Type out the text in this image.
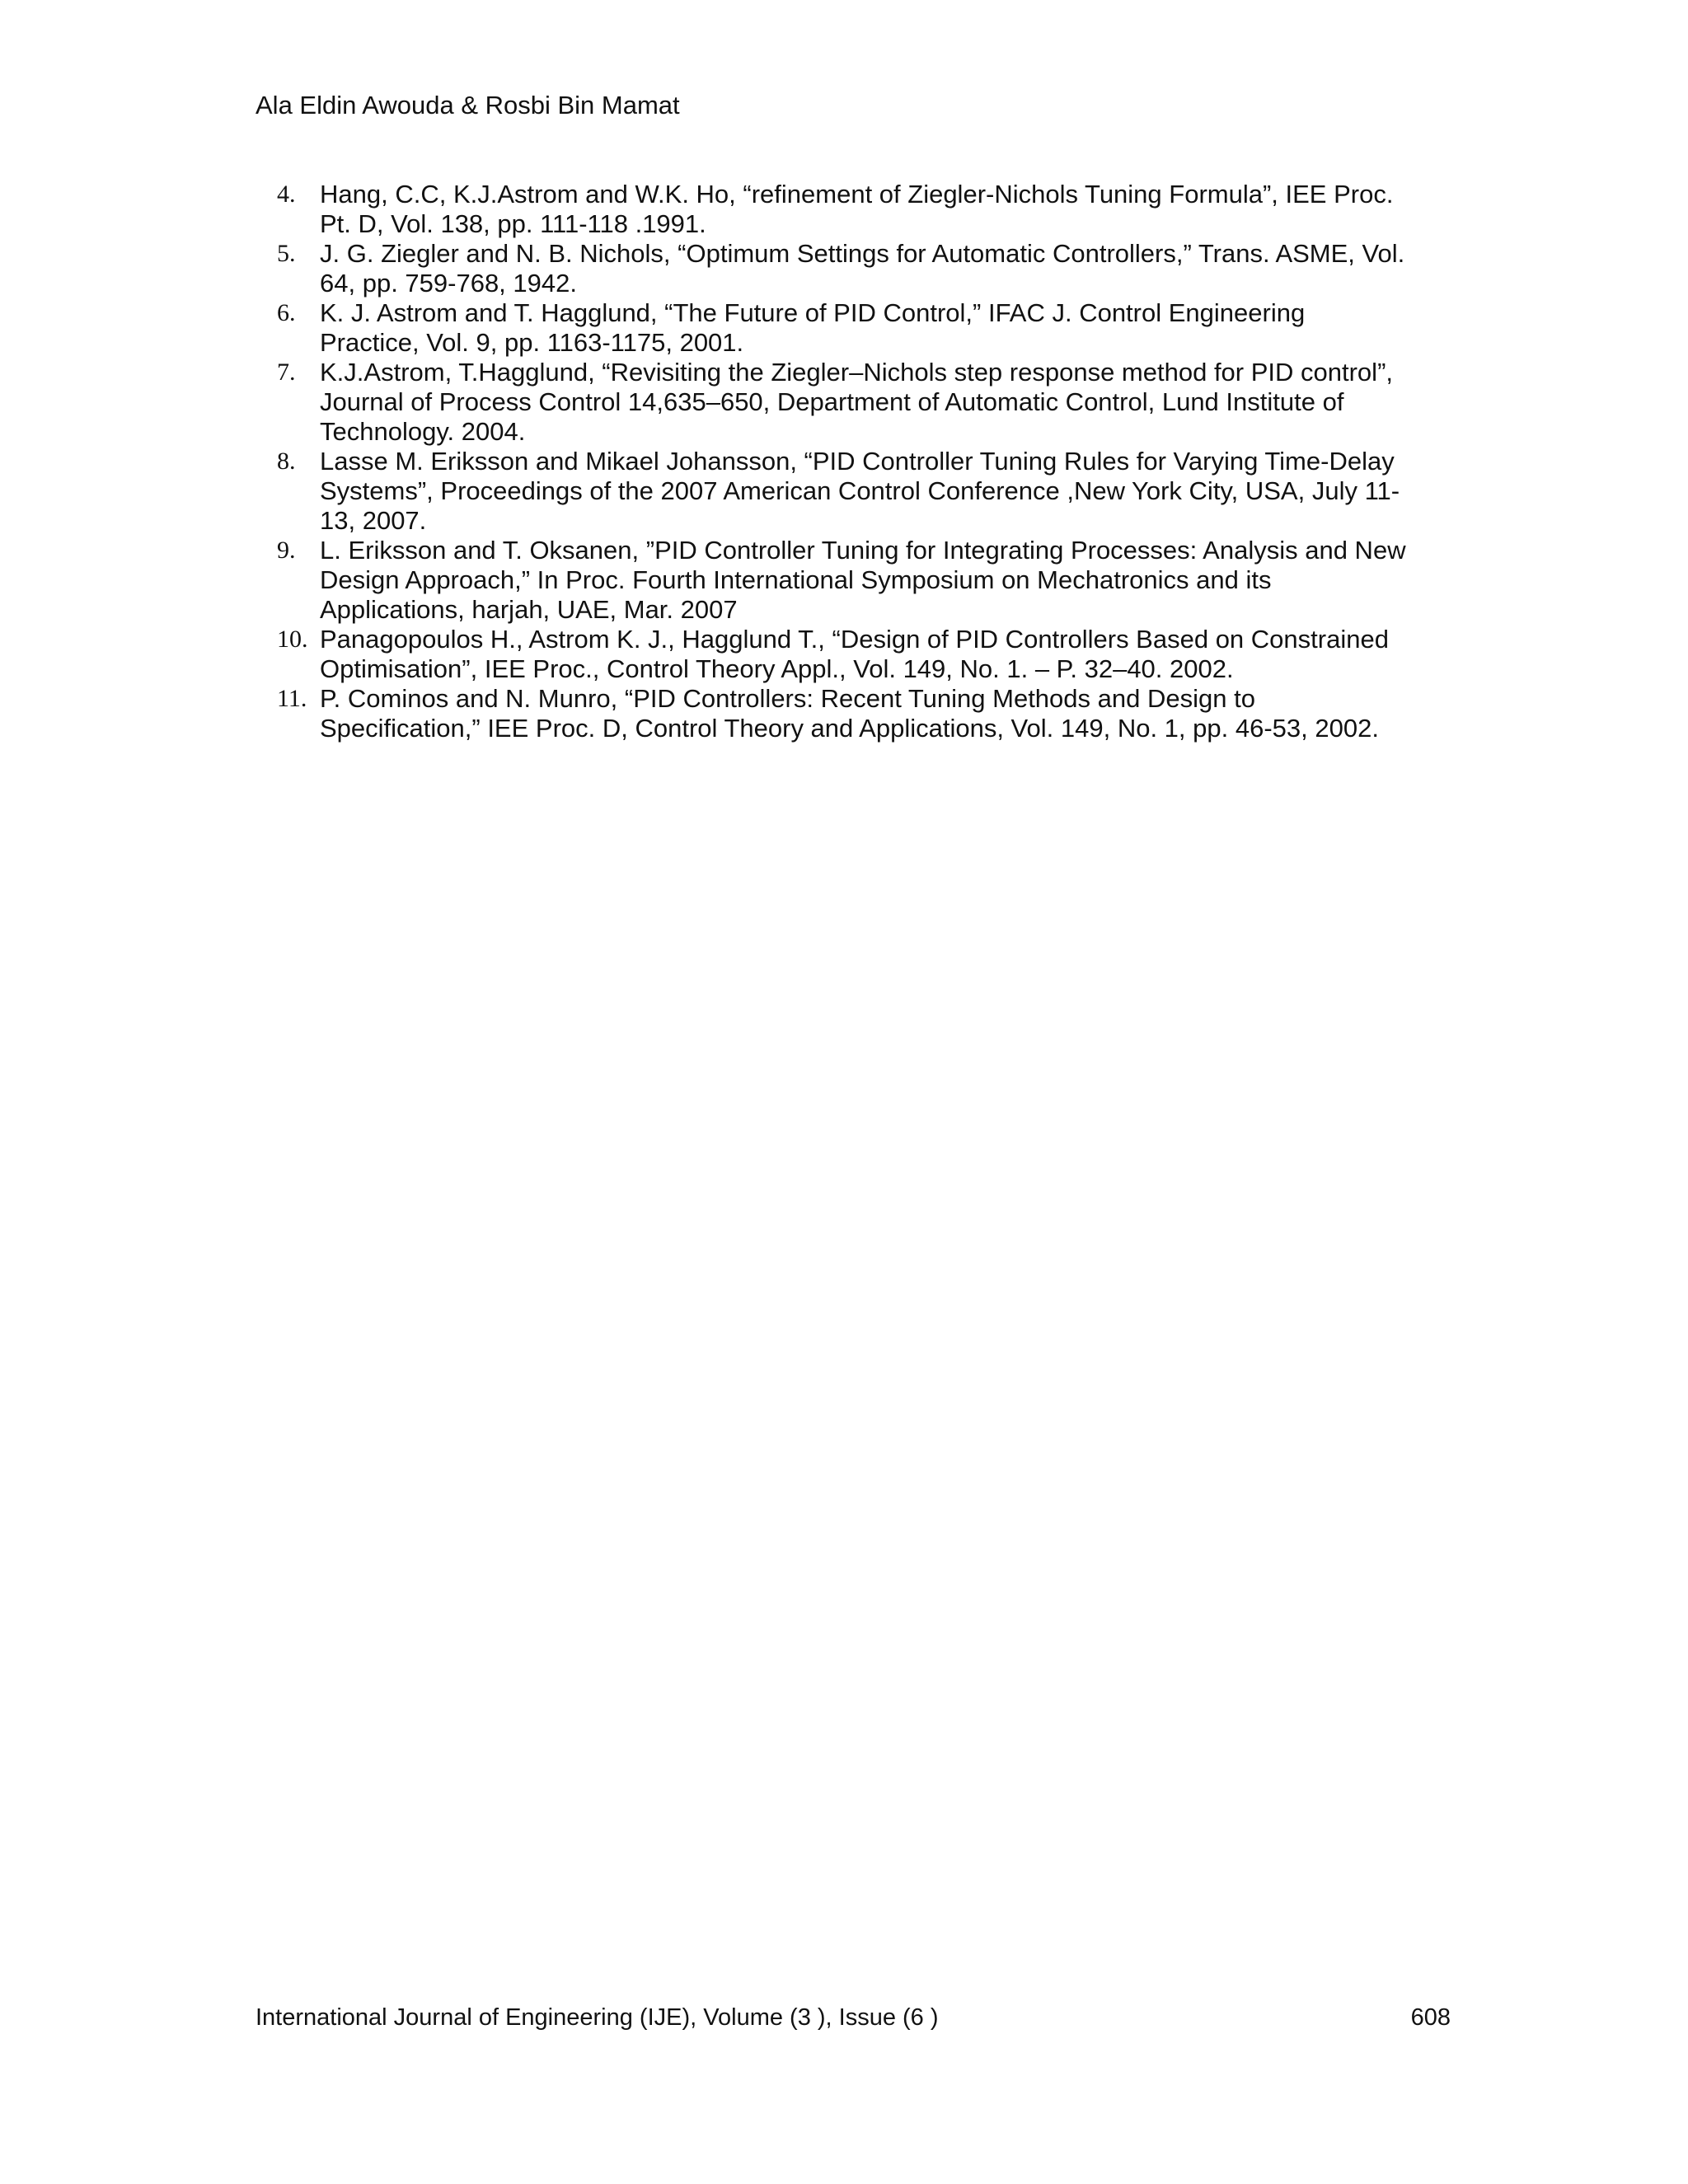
Ala Eldin Awouda & Rosbi Bin Mamat
4. Hang, C.C, K.J.Astrom and W.K. Ho, “refinement of Ziegler-Nichols Tuning Formula”, IEE Proc.
Pt. D, Vol. 138, pp. 111-118 .1991.
5. J. G. Ziegler and N. B. Nichols, “Optimum Settings for Automatic Controllers,” Trans. ASME, Vol.
64, pp. 759-768, 1942.
6. K. J. Astrom and T. Hagglund, “The Future of PID Control,” IFAC J. Control Engineering
Practice, Vol. 9, pp. 1163-1175, 2001.
7. K.J.Astrom, T.Hagglund, “Revisiting the Ziegler–Nichols step response method for PID control”,
Journal of Process Control 14,635–650, Department of Automatic Control, Lund Institute of
Technology. 2004.
8. Lasse M. Eriksson and Mikael Johansson, “PID Controller Tuning Rules for Varying Time-Delay
Systems”, Proceedings of the 2007 American Control Conference ,New York City, USA, July 11-
13, 2007.
9. L. Eriksson and T. Oksanen, ”PID Controller Tuning for Integrating Processes: Analysis and New
Design Approach,” In Proc. Fourth International Symposium on Mechatronics and its
Applications, harjah, UAE, Mar. 2007
10. Panagopoulos H., Astrom K. J., Hagglund T., “Design of PID Controllers Based on Constrained
Optimisation”, IEE Proc., Control Theory Appl., Vol. 149, No. 1. – P. 32–40. 2002.
11. P. Cominos and N. Munro, “PID Controllers: Recent Tuning Methods and Design to
Specification,” IEE Proc. D, Control Theory and Applications, Vol. 149, No. 1, pp. 46-53, 2002.
International Journal of Engineering (IJE), Volume (3 ), Issue (6 )	608
